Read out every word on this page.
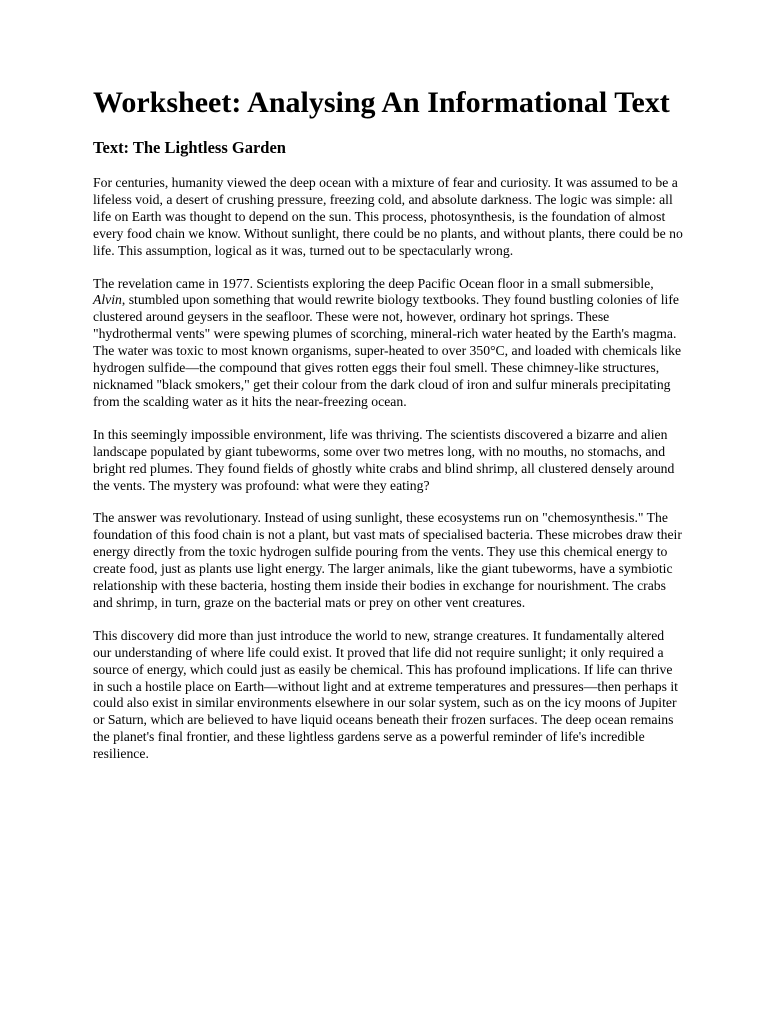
Worksheet: Analysing An Informational Text
Text: The Lightless Garden

For centuries, humanity viewed the deep ocean with a mixture of fear and curiosity. It was assumed to be a lifeless void, a desert of crushing pressure, freezing cold, and absolute darkness. The logic was simple: all life on Earth was thought to depend on the sun. This process, photosynthesis, is the foundation of almost every food chain we know. Without sunlight, there could be no plants, and without plants, there could be no life. This assumption, logical as it was, turned out to be spectacularly wrong.

The revelation came in 1977. Scientists exploring the deep Pacific Ocean floor in a small submersible, Alvin, stumbled upon something that would rewrite biology textbooks. They found bustling colonies of life clustered around geysers in the seafloor. These were not, however, ordinary hot springs. These "hydrothermal vents" were spewing plumes of scorching, mineral-rich water heated by the Earth's magma. The water was toxic to most known organisms, super-heated to over 350°C, and loaded with chemicals like hydrogen sulfide—the compound that gives rotten eggs their foul smell. These chimney-like structures, nicknamed "black smokers," get their colour from the dark cloud of iron and sulfur minerals precipitating from the scalding water as it hits the near-freezing ocean.

In this seemingly impossible environment, life was thriving. The scientists discovered a bizarre and alien landscape populated by giant tubeworms, some over two metres long, with no mouths, no stomachs, and bright red plumes. They found fields of ghostly white crabs and blind shrimp, all clustered densely around the vents. The mystery was profound: what were they eating?

The answer was revolutionary. Instead of using sunlight, these ecosystems run on "chemosynthesis." The foundation of this food chain is not a plant, but vast mats of specialised bacteria. These microbes draw their energy directly from the toxic hydrogen sulfide pouring from the vents. They use this chemical energy to create food, just as plants use light energy. The larger animals, like the giant tubeworms, have a symbiotic relationship with these bacteria, hosting them inside their bodies in exchange for nourishment. The crabs and shrimp, in turn, graze on the bacterial mats or prey on other vent creatures.

This discovery did more than just introduce the world to new, strange creatures. It fundamentally altered our understanding of where life could exist. It proved that life did not require sunlight; it only required a source of energy, which could just as easily be chemical. This has profound implications. If life can thrive in such a hostile place on Earth—without light and at extreme temperatures and pressures—then perhaps it could also exist in similar environments elsewhere in our solar system, such as on the icy moons of Jupiter or Saturn, which are believed to have liquid oceans beneath their frozen surfaces. The deep ocean remains the planet's final frontier, and these lightless gardens serve as a powerful reminder of life's incredible resilience.
